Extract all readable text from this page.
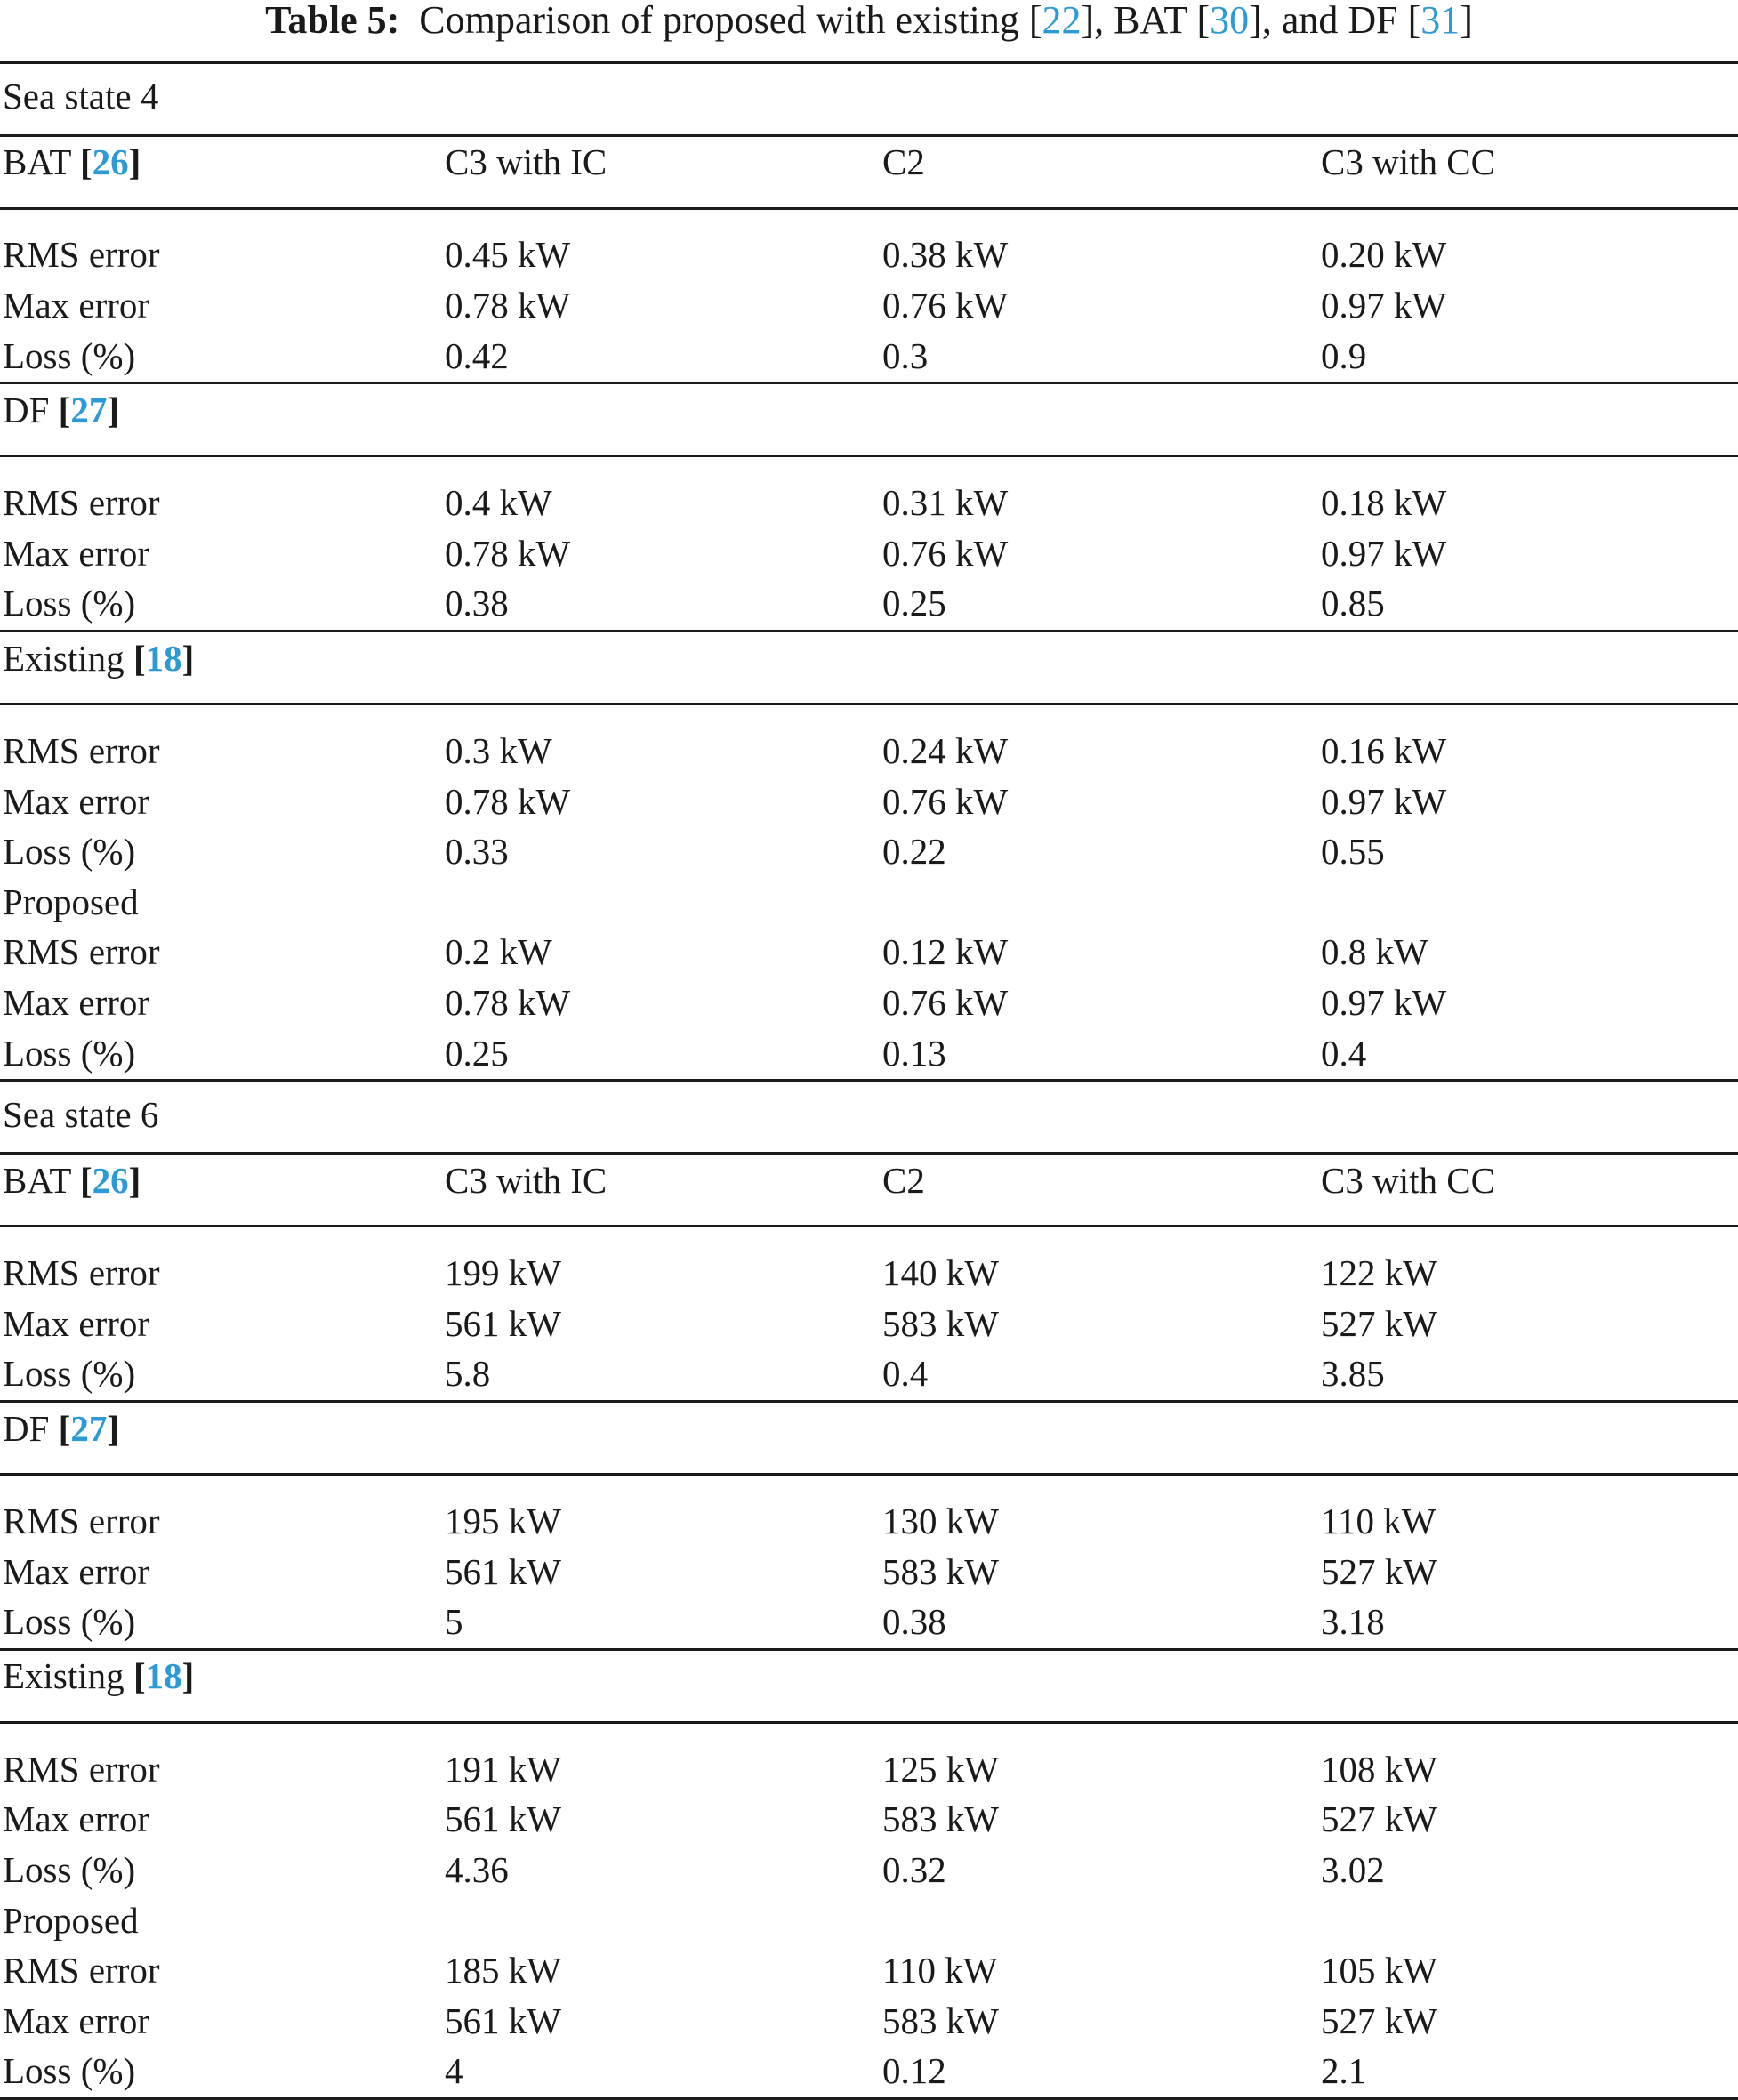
Table 5: Comparison of proposed with existing [22], BAT [30], and DF [31]
Sea state 4
BAT [26]	C3 with IC	C2	C3 with CC
RMS error	0.45 kW	0.38 kW	0.20 kW
Max error	0.78 kW	0.76 kW	0.97 kW
Loss (%)	0.42	0.3	0.9
DF [27]
RMS error	0.4 kW	0.31 kW	0.18 kW
Max error	0.78 kW	0.76 kW	0.97 kW
Loss (%)	0.38	0.25	0.85
Existing [18]
RMS error	0.3 kW	0.24 kW	0.16 kW
Max error	0.78 kW	0.76 kW	0.97 kW
Loss (%)	0.33	0.22	0.55
Proposed
RMS error	0.2 kW	0.12 kW	0.8 kW
Max error	0.78 kW	0.76 kW	0.97 kW
Loss (%)	0.25	0.13	0.4
Sea state 6
BAT [26]	C3 with IC	C2	C3 with CC
RMS error	199 kW	140 kW	122 kW
Max error	561 kW	583 kW	527 kW
Loss (%)	5.8	0.4	3.85
DF [27]
RMS error	195 kW	130 kW	110 kW
Max error	561 kW	583 kW	527 kW
Loss (%)	5	0.38	3.18
Existing [18]
RMS error	191 kW	125 kW	108 kW
Max error	561 kW	583 kW	527 kW
Loss (%)	4.36	0.32	3.02
Proposed
RMS error	185 kW	110 kW	105 kW
Max error	561 kW	583 kW	527 kW
Loss (%)	4	0.12	2.1
